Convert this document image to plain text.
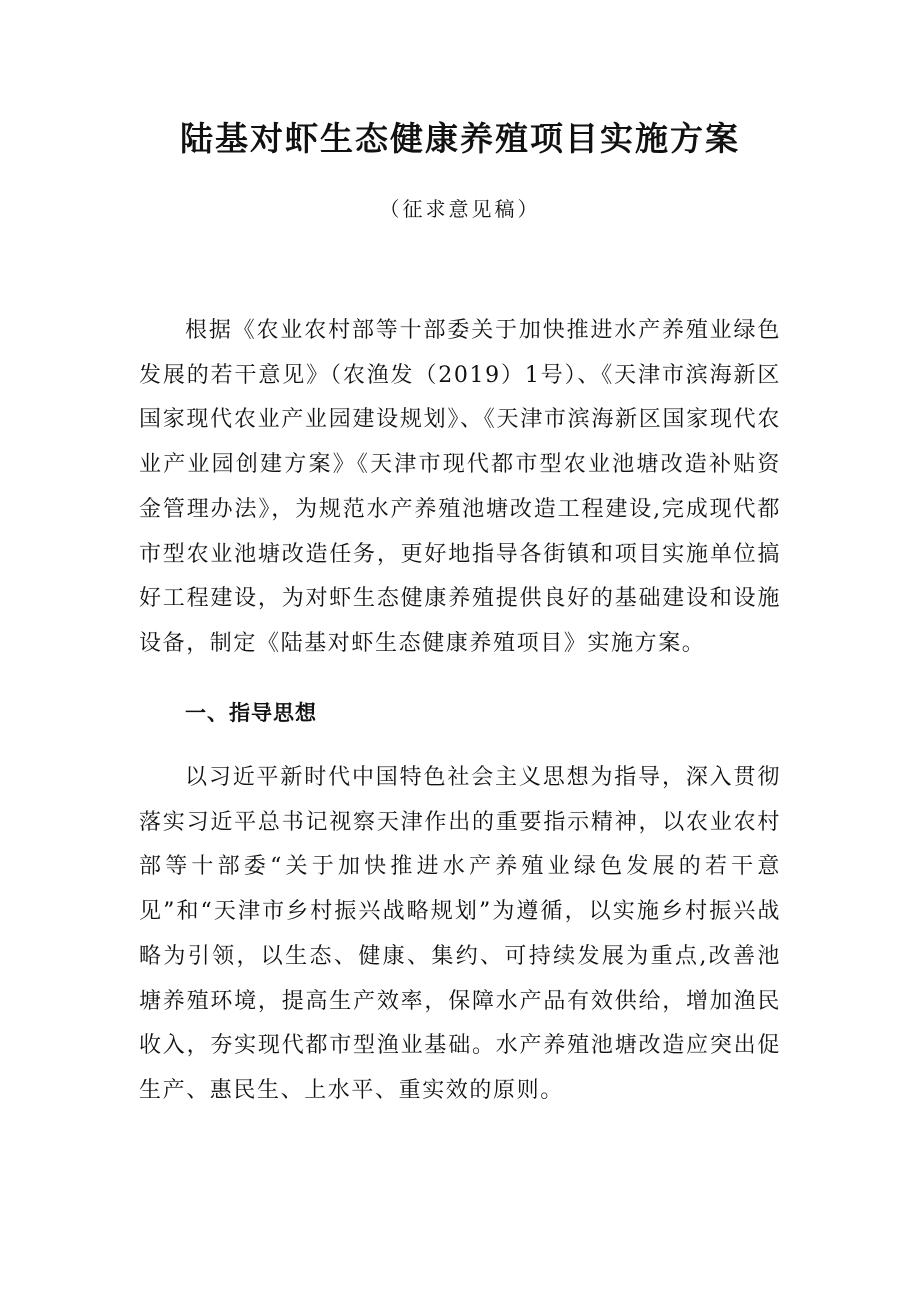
陆基对虾生态健康养殖项目实施方案

（征求意见稿）

根据《农业农村部等十部委关于加快推进水产养殖业绿色发展的若干意见》（农渔发（2019）1号）、《天津市滨海新区国家现代农业产业园建设规划》、《天津市滨海新区国家现代农业产业园创建方案》《天津市现代都市型农业池塘改造补贴资金管理办法》，为规范水产养殖池塘改造工程建设,完成现代都市型农业池塘改造任务，更好地指导各街镇和项目实施单位搞好工程建设，为对虾生态健康养殖提供良好的基础建设和设施设备，制定《陆基对虾生态健康养殖项目》实施方案。

一、指导思想

以习近平新时代中国特色社会主义思想为指导，深入贯彻落实习近平总书记视察天津作出的重要指示精神，以农业农村部等十部委“关于加快推进水产养殖业绿色发展的若干意见”和“天津市乡村振兴战略规划”为遵循，以实施乡村振兴战略为引领，以生态、健康、集约、可持续发展为重点,改善池塘养殖环境，提高生产效率，保障水产品有效供给，增加渔民收入，夯实现代都市型渔业基础。水产养殖池塘改造应突出促生产、惠民生、上水平、重实效的原则。
